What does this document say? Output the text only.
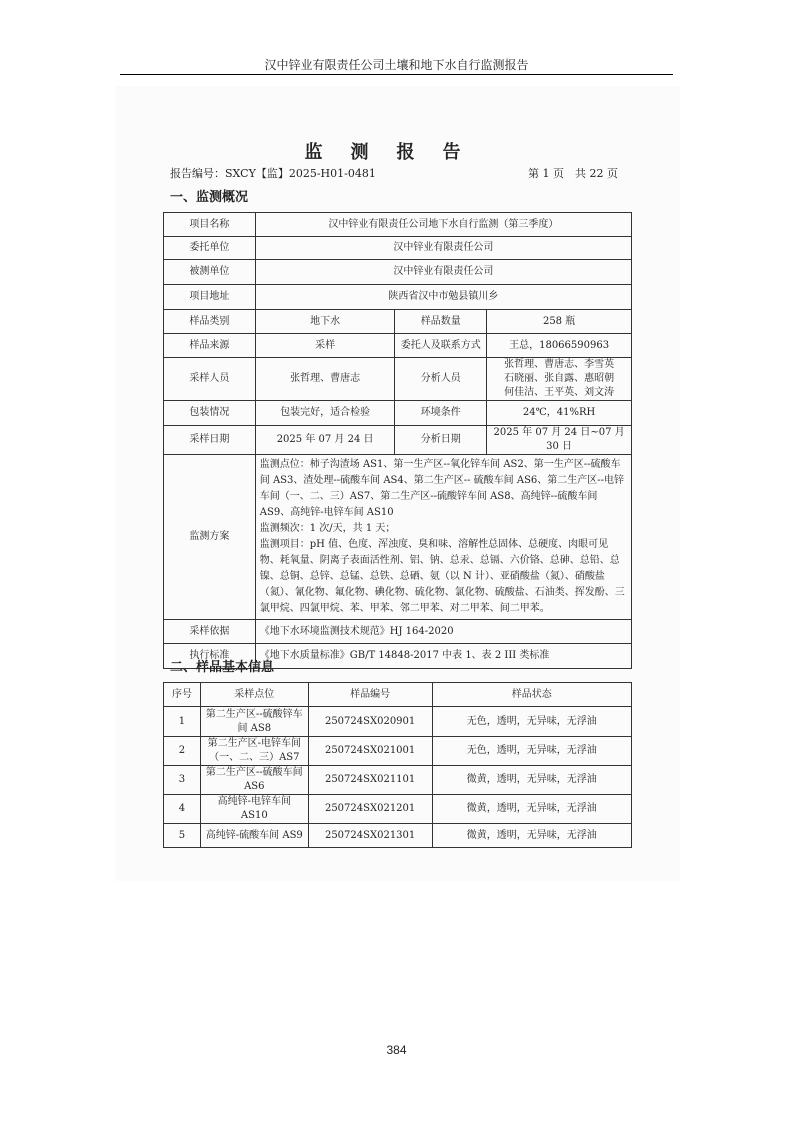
汉中锌业有限责任公司土壤和地下水自行监测报告
监测报告
报告编号：SXCY【监】2025-H01-0481	第 1 页　共 22 页
一、监测概况
项目名称	汉中锌业有限责任公司地下水自行监测（第三季度）		
委托单位	汉中锌业有限责任公司		
被测单位	汉中锌业有限责任公司		
项目地址	陕西省汉中市勉县镇川乡		
样品类别	地下水	样品数量	258 瓶
样品来源	采样	委托人及联系方式	王总，18066590963
采样人员	张哲理、曹唐志	分析人员	张哲理、曹唐志、李雪英
石晓丽、张自露、惠昭朝
何佳洁、王平英、刘文涛

包装情况	包装完好，适合检验	环境条件	24℃，41%RH
采样日期	2025 年 07 月 24 日	分析日期	2025 年 07 月 24 日~07 月 30 日
监测方案	监测点位：柿子沟渣场 AS1、第一生产区--氧化锌车间 AS2、第一生产区--硫酸车间 AS3、渣处理--硫酸车间 AS4、第二生产区-- 硫酸车间 AS6、第二生产区--电锌车间（一、二、三）AS7、第二生产区--硫酸锌车间 AS8、高纯锌--硫酸车间 AS9、高纯锌-电锌车间 AS10
监测频次：1 次/天，共 1 天；
监测项目：pH 值、色度、浑浊度、臭和味、溶解性总固体、总硬度、肉眼可见物、耗氧量、阴离子表面活性剂、铝、钠、总汞、总镉、六价铬、总砷、总铅、总镍、总铜、总锌、总锰、总铁、总硒、氨（以 N 计）、亚硝酸盐（氮）、硝酸盐（氮）、氰化物、氟化物、碘化物、硫化物、氯化物、硫酸盐、石油类、挥发酚、三氯甲烷、四氯甲烷、苯、甲苯、邻二甲苯、对二甲苯、间二甲苯。		

采样依据	《地下水环境监测技术规范》HJ 164-2020		
执行标准	《地下水质量标准》GB/T 14848-2017 中表 1、表 2 III 类标准		
二、样品基本信息
序号	采样点位	样品编号	样品状态
1	第二生产区--硫酸锌车间 AS8	250724SX020901	无色，透明，无异味，无浮油
2	第二生产区-电锌车间（一、二、三）AS7	250724SX021001	无色，透明，无异味，无浮油
3	第二生产区--硫酸车间 AS6	250724SX021101	微黄，透明，无异味，无浮油
4	高纯锌-电锌车间 AS10	250724SX021201	微黄，透明，无异味，无浮油
5	高纯锌-硫酸车间 AS9	250724SX021301	微黄，透明，无异味，无浮油
384
